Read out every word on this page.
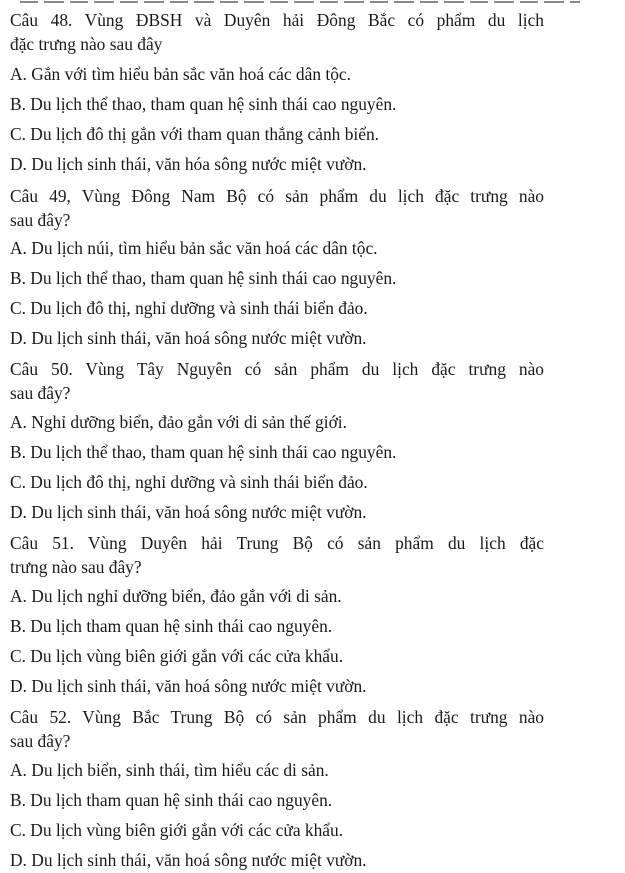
Câu 48. Vùng ĐBSH và Duyên hải Đông Bắc có phẩm du lịch
đặc trưng nào sau đây
A. Gắn với tìm hiểu bản sắc văn hoá các dân tộc.
B. Du lịch thể thao, tham quan hệ sinh thái cao nguyên.
C. Du lịch đô thị gắn với tham quan thắng cảnh biển.
D. Du lịch sinh thái, văn hóa sông nước miệt vườn.
Câu 49, Vùng Đông Nam Bộ có sản phẩm du lịch đặc trưng nào
sau đây?
A. Du lịch núi, tìm hiểu bản sắc văn hoá các dân tộc.
B. Du lịch thể thao, tham quan hệ sinh thái cao nguyên.
C. Du lịch đô thị, nghỉ dưỡng và sinh thái biển đảo.
D. Du lịch sinh thái, văn hoá sông nước miệt vườn.
Câu 50. Vùng Tây Nguyên có sản phẩm du lịch đặc trưng nào
sau đây?
A. Nghỉ dưỡng biển, đảo gắn với di sản thế giới.
B. Du lịch thể thao, tham quan hệ sinh thái cao nguyên.
C. Du lịch đô thị, nghỉ dưỡng và sinh thái biển đảo.
D. Du lịch sinh thái, văn hoá sông nước miệt vườn.
Câu 51. Vùng Duyên hải Trung Bộ có sản phẩm du lịch đặc
trưng nào sau đây?
A. Du lịch nghỉ dưỡng biển, đảo gắn với di sản.
B. Du lịch tham quan hệ sinh thái cao nguyên.
C. Du lịch vùng biên giới gắn với các cửa khẩu.
D. Du lịch sinh thái, văn hoá sông nước miệt vườn.
Câu 52. Vùng Bắc Trung Bộ có sản phẩm du lịch đặc trưng nào
sau đây?
A. Du lịch biển, sinh thái, tìm hiểu các di sản.
B. Du lịch tham quan hệ sinh thái cao nguyên.
C. Du lịch vùng biên giới gắn với các cửa khẩu.
D. Du lịch sinh thái, văn hoá sông nước miệt vườn.
